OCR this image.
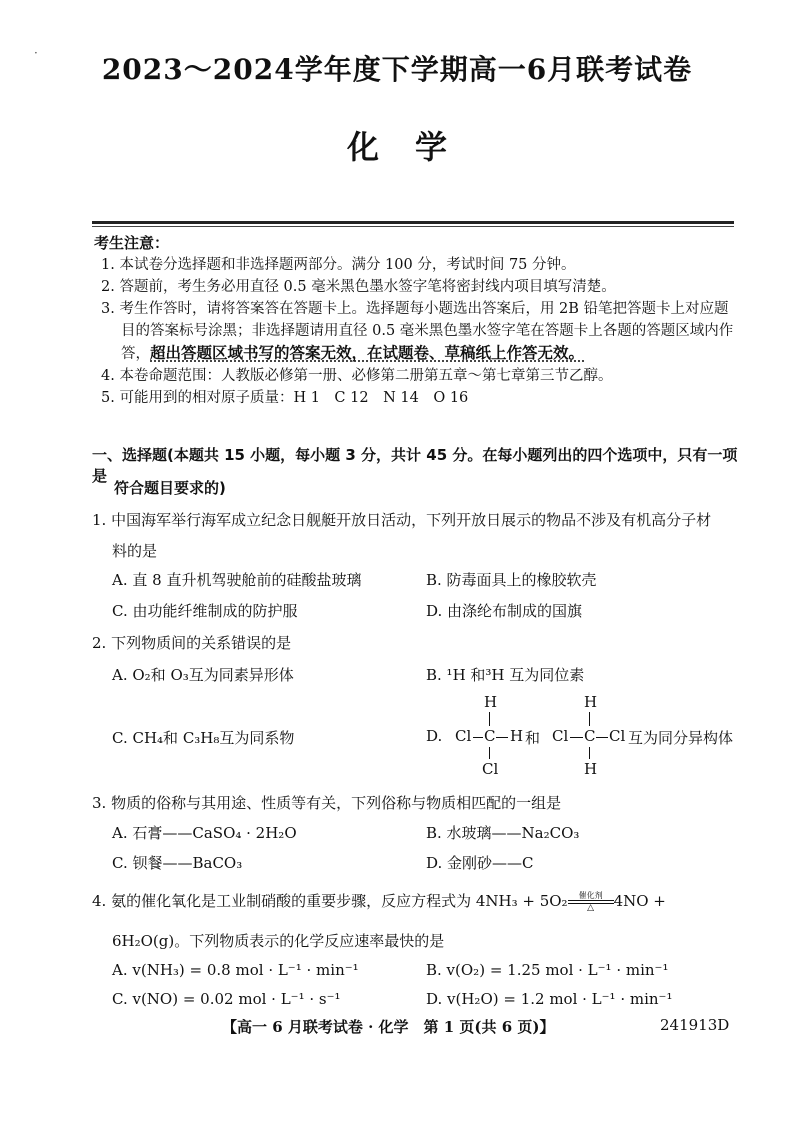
·	2023～2024学年度下学期高一6月联考试卷
化学
考生注意：
1. 本试卷分选择题和非选择题两部分。满分 100 分，考试时间 75 分钟。
2. 答题前，考生务必用直径 0.5 毫米黑色墨水签字笔将密封线内项目填写清楚。
3. 考生作答时，请将答案答在答题卡上。选择题每小题选出答案后，用 2B 铅笔把答题卡上对应题目的答案标号涂黑；非选择题请用直径 0.5 毫米黑色墨水签字笔在答题卡上各题的答题区域内作答，超出答题区域书写的答案无效，在试题卷、草稿纸上作答无效。
4. 本卷命题范围：人教版必修第一册、必修第二册第五章～第七章第三节乙醇。
5. 可能用到的相对原子质量：H 1　C 12　N 14　O 16
一、选择题(本题共 15 小题，每小题 3 分，共计 45 分。在每小题列出的四个选项中，只有一项是
符合题目要求的)
1. 中国海军举行海军成立纪念日舰艇开放日活动，下列开放日展示的物品不涉及有机高分子材
料的是
A. 直 8 直升机驾驶舱前的硅酸盐玻璃	B. 防毒面具上的橡胶软壳
C. 由功能纤维制成的防护服	D. 由涤纶布制成的国旗
2. 下列物质间的关系错误的是
A. O₂和 O₃互为同素异形体	B. ¹H 和³H 互为同位素
C. CH₄和 C₃H₈互为同系物	D.
H
Cl C H
Cl
和
H
Cl C Cl
H
互为同分异构体
3. 物质的俗称与其用途、性质等有关，下列俗称与物质相匹配的一组是
A. 石膏——CaSO₄ · 2H₂O	B. 水玻璃——Na₂CO₃
C. 钡餐——BaCO₃	D. 金刚砂——C
4. 氨的催化氧化是工业制硝酸的重要步骤，反应方程式为 4NH₃ + 5O₂	催化剂
△	4NO +
6H₂O(g)。下列物质表示的化学反应速率最快的是
A. v(NH₃) = 0.8 mol · L⁻¹ · min⁻¹	B. v(O₂) = 1.25 mol · L⁻¹ · min⁻¹
C. v(NO) = 0.02 mol · L⁻¹ · s⁻¹	D. v(H₂O) = 1.2 mol · L⁻¹ · min⁻¹
【高一 6 月联考试卷 · 化学　第 1 页(共 6 页)】	241913D
